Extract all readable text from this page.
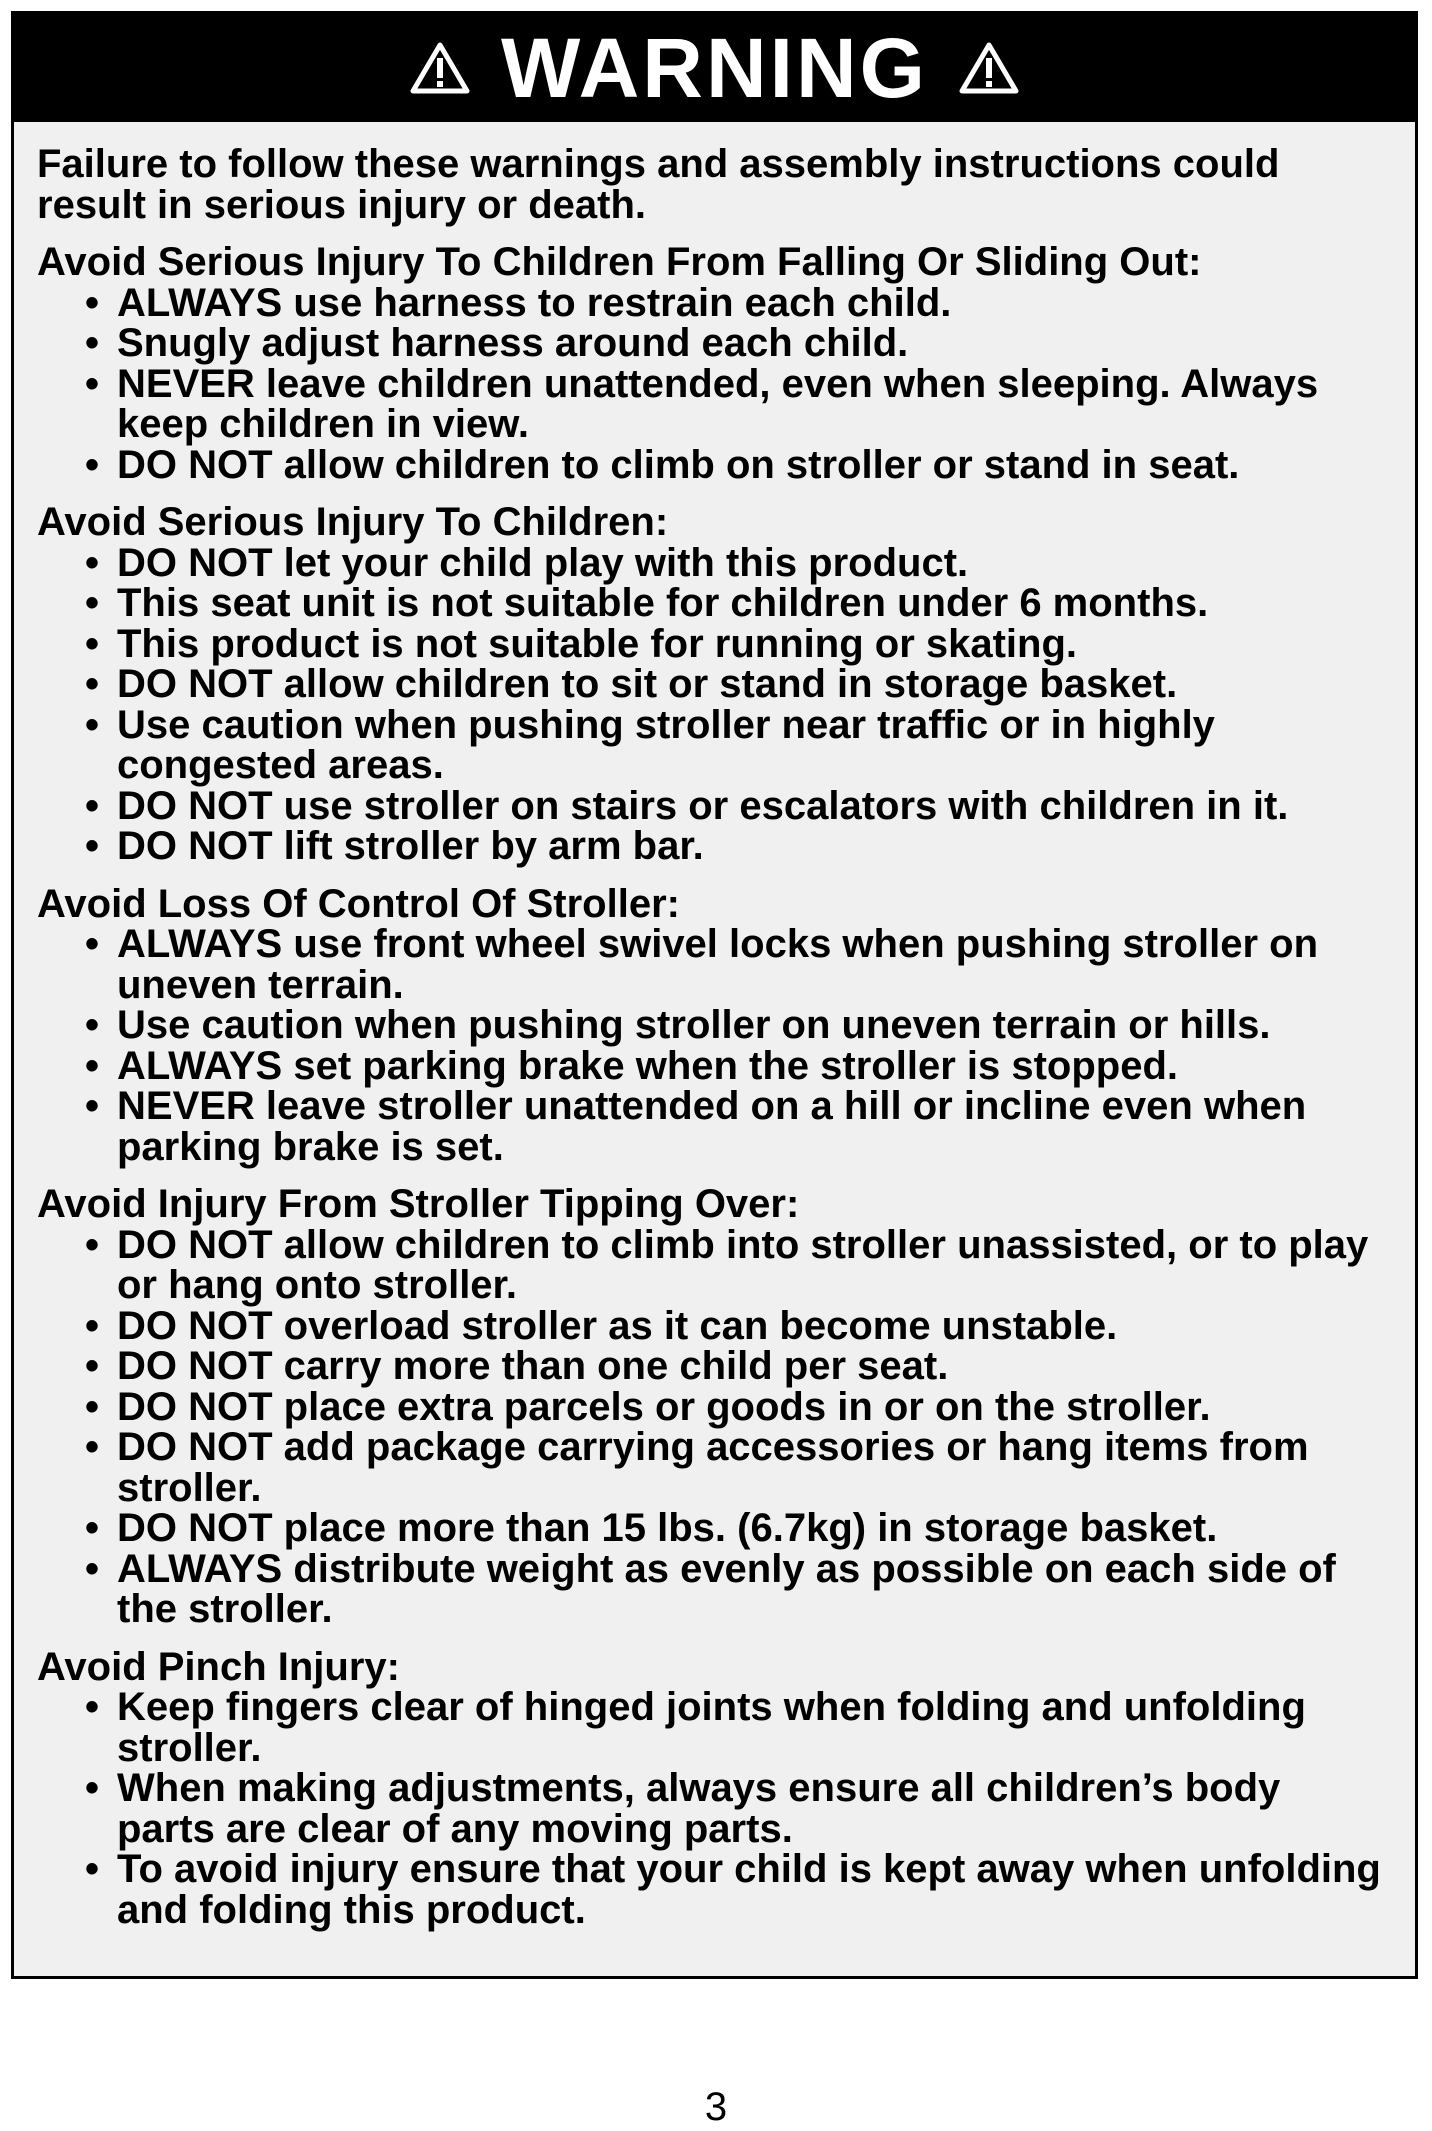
WARNING

Failure to follow these warnings and assembly instructions could result in serious injury or death.

Avoid Serious Injury To Children From Falling Or Sliding Out:

• ALWAYS use harness to restrain each child.
• Snugly adjust harness around each child.
• NEVER leave children unattended, even when sleeping. Always keep children in view.
• DO NOT allow children to climb on stroller or stand in seat.

Avoid Serious Injury To Children:

• DO NOT let your child play with this product.
• This seat unit is not suitable for children under 6 months.
• This product is not suitable for running or skating.
• DO NOT allow children to sit or stand in storage basket.
• Use caution when pushing stroller near traffic or in highly congested areas.
• DO NOT use stroller on stairs or escalators with children in it.
• DO NOT lift stroller by arm bar.

Avoid Loss Of Control Of Stroller:

• ALWAYS use front wheel swivel locks when pushing stroller on uneven terrain.
• Use caution when pushing stroller on uneven terrain or hills.
• ALWAYS set parking brake when the stroller is stopped.
• NEVER leave stroller unattended on a hill or incline even when parking brake is set.

Avoid Injury From Stroller Tipping Over:

• DO NOT allow children to climb into stroller unassisted, or to play or hang onto stroller.
• DO NOT overload stroller as it can become unstable.
• DO NOT carry more than one child per seat.
• DO NOT place extra parcels or goods in or on the stroller.
• DO NOT add package carrying accessories or hang items from stroller.
• DO NOT place more than 15 lbs. (6.7kg) in storage basket.
• ALWAYS distribute weight as evenly as possible on each side of the stroller.

Avoid Pinch Injury:

• Keep fingers clear of hinged joints when folding and unfolding stroller.
• When making adjustments, always ensure all children’s body parts are clear of any moving parts.
• To avoid injury ensure that your child is kept away when unfolding and folding this product.
3
